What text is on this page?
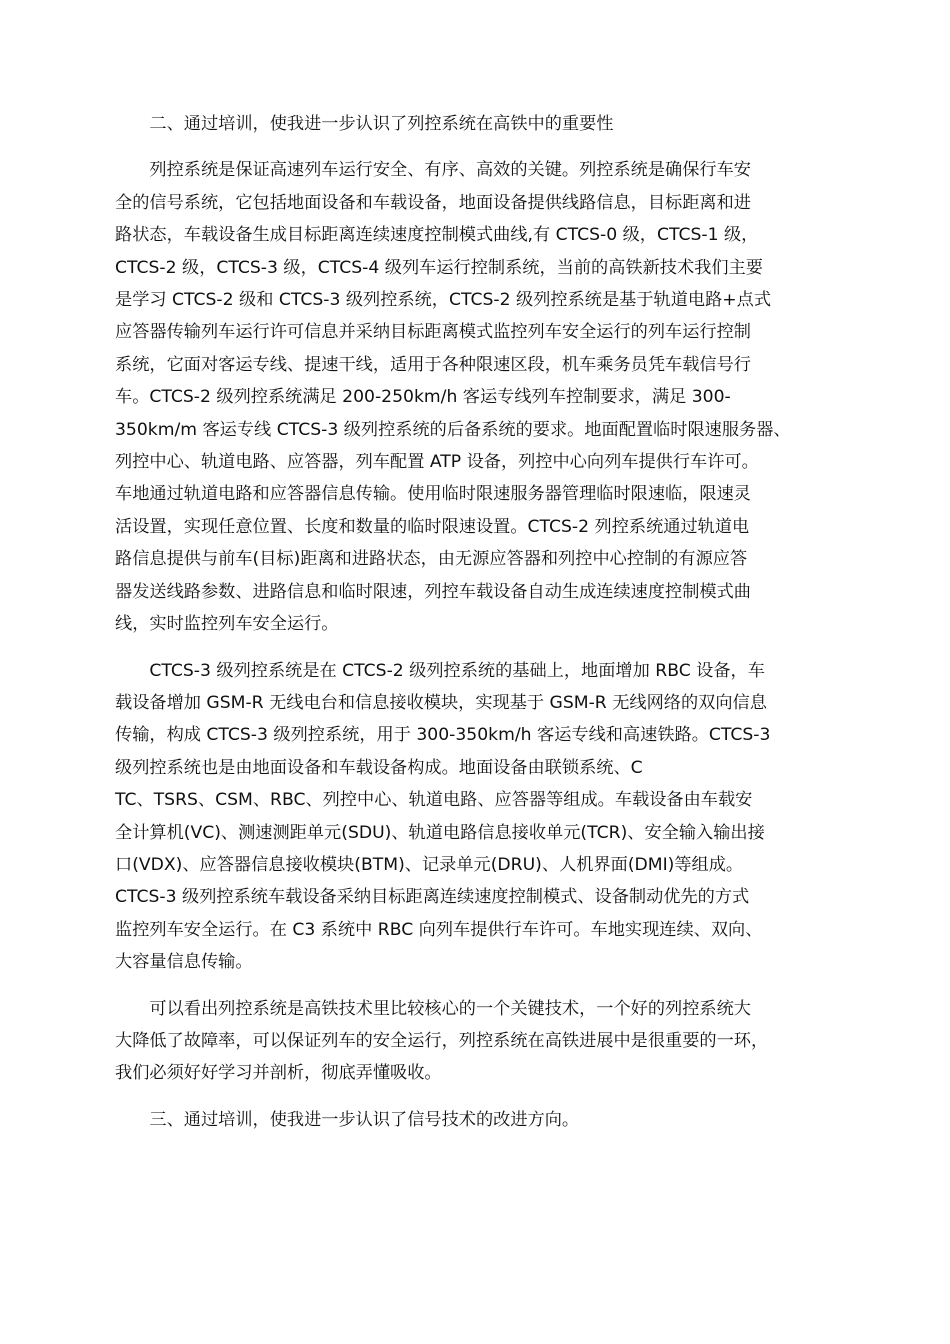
二、通过培训，使我进一步认识了列控系统在高铁中的重要性

列控系统是保证高速列车运行安全、有序、高效的关键。列控系统是确保行车安
全的信号系统，它包括地面设备和车载设备，地面设备提供线路信息，目标距离和进
路状态，车载设备生成目标距离连续速度控制模式曲线,有 CTCS-0 级，CTCS-1 级，
CTCS-2 级，CTCS-3 级，CTCS-4 级列车运行控制系统，当前的高铁新技术我们主要
是学习 CTCS-2 级和 CTCS-3 级列控系统，CTCS-2 级列控系统是基于轨道电路+点式
应答器传输列车运行许可信息并采纳目标距离模式监控列车安全运行的列车运行控制
系统，它面对客运专线、提速干线，适用于各种限速区段，机车乘务员凭车载信号行
车。CTCS-2 级列控系统满足 200-250km/h 客运专线列车控制要求，满足 300-
350km/m 客运专线 CTCS-3 级列控系统的后备系统的要求。地面配置临时限速服务器、
列控中心、轨道电路、应答器，列车配置 ATP 设备，列控中心向列车提供行车许可。
车地通过轨道电路和应答器信息传输。使用临时限速服务器管理临时限速临，限速灵
活设置，实现任意位置、长度和数量的临时限速设置。CTCS-2 列控系统通过轨道电
路信息提供与前车(目标)距离和进路状态，由无源应答器和列控中心控制的有源应答
器发送线路参数、进路信息和临时限速，列控车载设备自动生成连续速度控制模式曲
线，实时监控列车安全运行。
CTCS-3 级列控系统是在 CTCS-2 级列控系统的基础上，地面增加 RBC 设备，车
载设备增加 GSM-R 无线电台和信息接收模块，实现基于 GSM-R 无线网络的双向信息
传输，构成 CTCS-3 级列控系统，用于 300-350km/h 客运专线和高速铁路。CTCS-3
级列控系统也是由地面设备和车载设备构成。地面设备由联锁系统、C
TC、TSRS、CSM、RBC、列控中心、轨道电路、应答器等组成。车载设备由车载安
全计算机(VC)、测速测距单元(SDU)、轨道电路信息接收单元(TCR)、安全输入输出接
口(VDX)、应答器信息接收模块(BTM)、记录单元(DRU)、人机界面(DMI)等组成。
CTCS-3 级列控系统车载设备采纳目标距离连续速度控制模式、设备制动优先的方式
监控列车安全运行。在 C3 系统中 RBC 向列车提供行车许可。车地实现连续、双向、
大容量信息传输。
可以看出列控系统是高铁技术里比较核心的一个关键技术，一个好的列控系统大
大降低了故障率，可以保证列车的安全运行，列控系统在高铁进展中是很重要的一环，
我们必须好好学习并剖析，彻底弄懂吸收。

三、通过培训，使我进一步认识了信号技术的改进方向。
